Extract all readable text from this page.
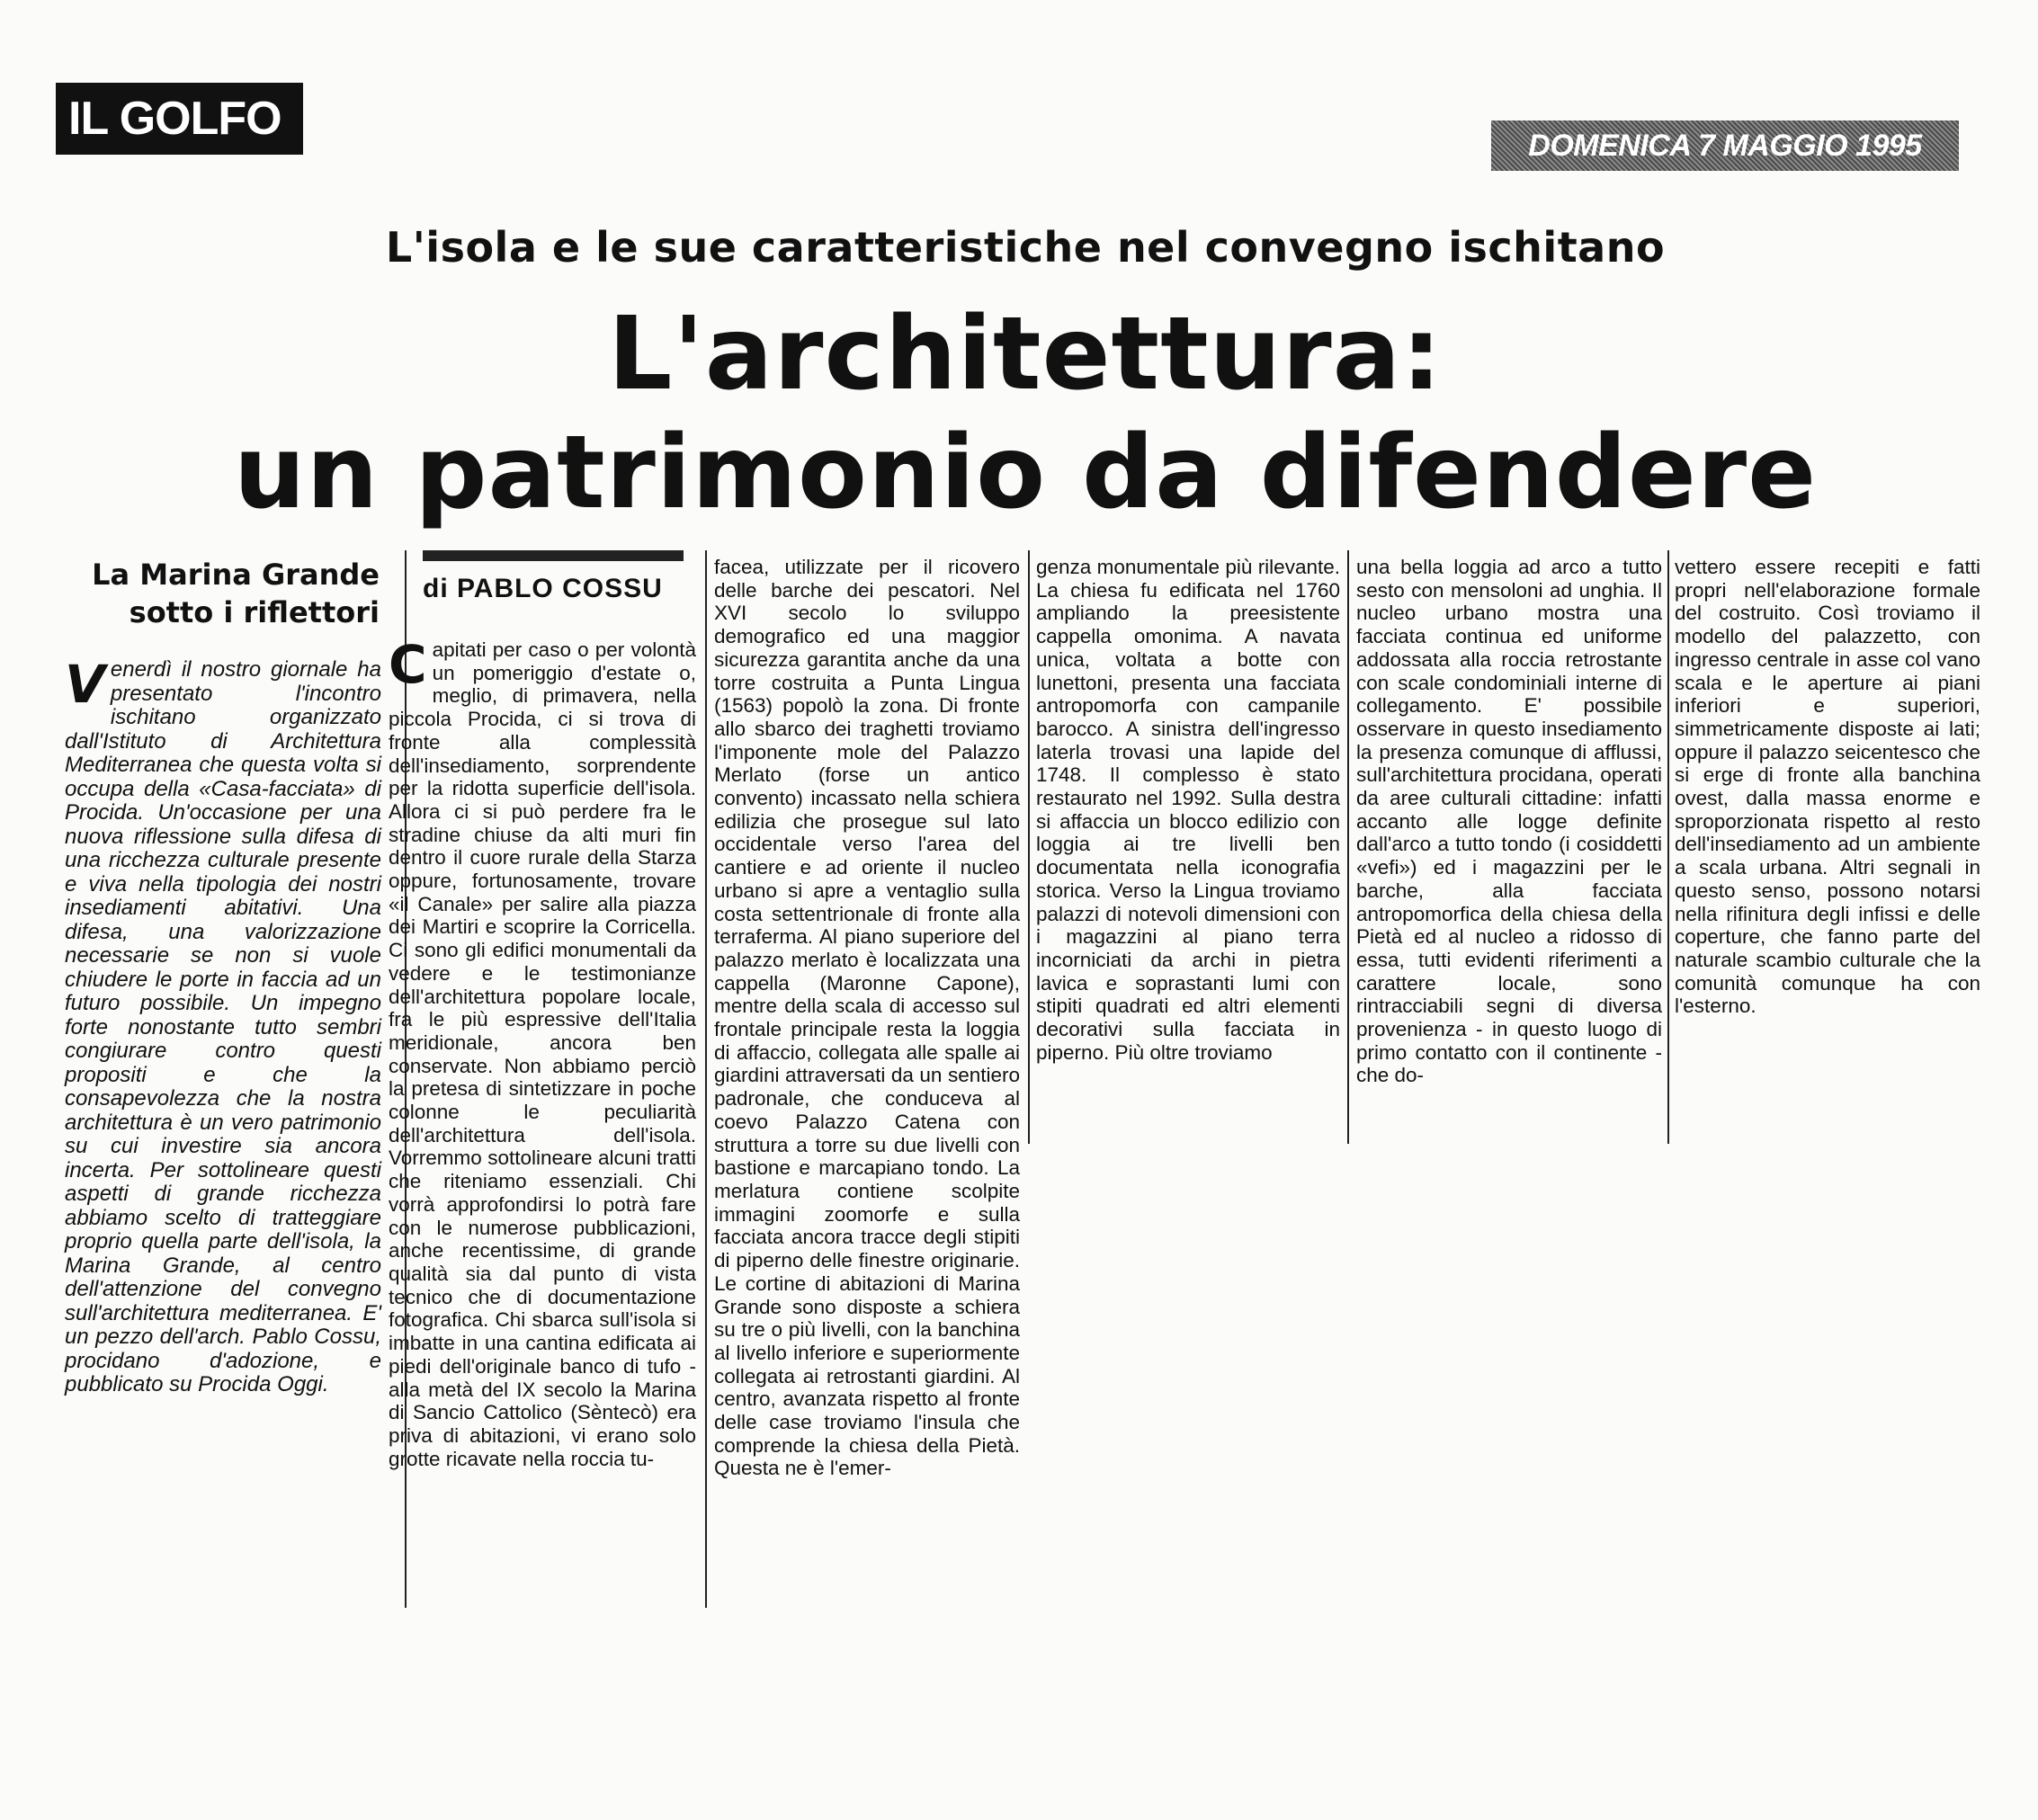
IL GOLFO
DOMENICA 7 MAGGIO 1995
L'isola e le sue caratteristiche nel convegno ischitano
L'architettura:
un patrimonio da difendere
La Marina Grande sotto i riflettori
di PABLO COSSU
V enerdì il nostro giornale ha presentato l'incontro ischitano organizzato dall'Istituto di Architettura Mediterranea che questa volta si occupa della «Casa-facciata» di Procida. Un'occasione per una nuova riflessione sulla difesa di una ricchezza culturale presente e viva nella tipologia dei nostri insediamenti abitativi. Una difesa, una valorizzazione necessarie se non si vuole chiudere le porte in faccia ad un futuro possibile. Un impegno forte nonostante tutto sembri congiurare contro questi propositi e che la consapevolezza che la nostra architettura è un vero patrimonio su cui investire sia ancora incerta. Per sottolineare questi aspetti di grande ricchezza abbiamo scelto di tratteggiare proprio quella parte dell'isola, la Marina Grande, al centro dell'attenzione del convegno sull'architettura mediterranea. E' un pezzo dell'arch. Pablo Cossu, procidano d'adozione, e pubblicato su Procida Oggi.

C apitati per caso o per volontà un pomeriggio d'estate o, meglio, di primavera, nella piccola Procida, ci si trova di fronte alla complessità dell'insediamento, sorprendente per la ridotta superficie dell'isola. Allora ci si può perdere fra le stradine chiuse da alti muri fin dentro il cuore rurale della Starza oppure, fortunosamente, trovare «il Canale» per salire alla piazza dei Martiri e scoprire la Corricella. Ci sono gli edifici monumentali da vedere e le testimonianze dell'architettura popolare locale, fra le più espressive dell'Italia meridionale, ancora ben conservate. Non abbiamo perciò la pretesa di sintetizzare in poche colonne le peculiarità dell'architettura dell'isola. Vorremmo sottolineare alcuni tratti che riteniamo essenziali. Chi vorrà approfondirsi lo potrà fare con le numerose pubblicazioni, anche recentissime, di grande qualità sia dal punto di vista tecnico che di documentazione fotografica. Chi sbarca sull'isola si imbatte in una cantina edificata ai piedi dell'originale banco di tufo - alla metà del IX secolo la Marina di Sancio Cattolico (Sèntecò) era priva di abitazioni, vi erano solo grotte ricavate nella roccia tu-

facea, utilizzate per il ricovero delle barche dei pescatori. Nel XVI secolo lo sviluppo demografico ed una maggior sicurezza garantita anche da una torre costruita a Punta Lingua (1563) popolò la zona. Di fronte allo sbarco dei traghetti troviamo l'imponente mole del Palazzo Merlato (forse un antico convento) incassato nella schiera edilizia che prosegue sul lato occidentale verso l'area del cantiere e ad oriente il nucleo urbano si apre a ventaglio sulla costa settentrionale di fronte alla terraferma. Al piano superiore del palazzo merlato è localizzata una cappella (Maronne Capone), mentre della scala di accesso sul frontale principale resta la loggia di affaccio, collegata alle spalle ai giardini attraversati da un sentiero padronale, che conduceva al coevo Palazzo Catena con struttura a torre su due livelli con bastione e marcapiano tondo. La merlatura contiene scolpite immagini zoomorfe e sulla facciata ancora tracce degli stipiti di piperno delle finestre originarie. Le cortine di abitazioni di Marina Grande sono disposte a schiera su tre o più livelli, con la banchina al livello inferiore e superiormente collegata ai retrostanti giardini. Al centro, avanzata rispetto al fronte delle case troviamo l'insula che comprende la chiesa della Pietà. Questa ne è l'emer-

genza monumentale più rilevante. La chiesa fu edificata nel 1760 ampliando la preesistente cappella omonima. A navata unica, voltata a botte con lunettoni, presenta una facciata antropomorfa con campanile barocco. A sinistra dell'ingresso laterla trovasi una lapide del 1748. Il complesso è stato restaurato nel 1992. Sulla destra si affaccia un blocco edilizio con loggia ai tre livelli ben documentata nella iconografia storica. Verso la Lingua troviamo palazzi di notevoli dimensioni con i magazzini al piano terra incorniciati da archi in pietra lavica e soprastanti lumi con stipiti quadrati ed altri elementi decorativi sulla facciata in piperno. Più oltre troviamo

una bella loggia ad arco a tutto sesto con mensoloni ad unghia. Il nucleo urbano mostra una facciata continua ed uniforme addossata alla roccia retrostante con scale condominiali interne di collegamento. E' possibile osservare in questo insediamento la presenza comunque di afflussi, sull'architettura procidana, operati da aree culturali cittadine: infatti accanto alle logge definite dall'arco a tutto tondo (i cosiddetti «vefi») ed i magazzini per le barche, alla facciata antropomorfica della chiesa della Pietà ed al nucleo a ridosso di essa, tutti evidenti riferimenti a carattere locale, sono rintracciabili segni di diversa provenienza - in questo luogo di primo contatto con il continente - che do-

vettero essere recepiti e fatti propri nell'elaborazione formale del costruito. Così troviamo il modello del palazzetto, con ingresso centrale in asse col vano scala e le aperture ai piani inferiori e superiori, simmetricamente disposte ai lati; oppure il palazzo seicentesco che si erge di fronte alla banchina ovest, dalla massa enorme e sproporzionata rispetto al resto dell'insediamento ad un ambiente a scala urbana. Altri segnali in questo senso, possono notarsi nella rifinitura degli infissi e delle coperture, che fanno parte del naturale scambio culturale che la comunità comunque ha con l'esterno.
